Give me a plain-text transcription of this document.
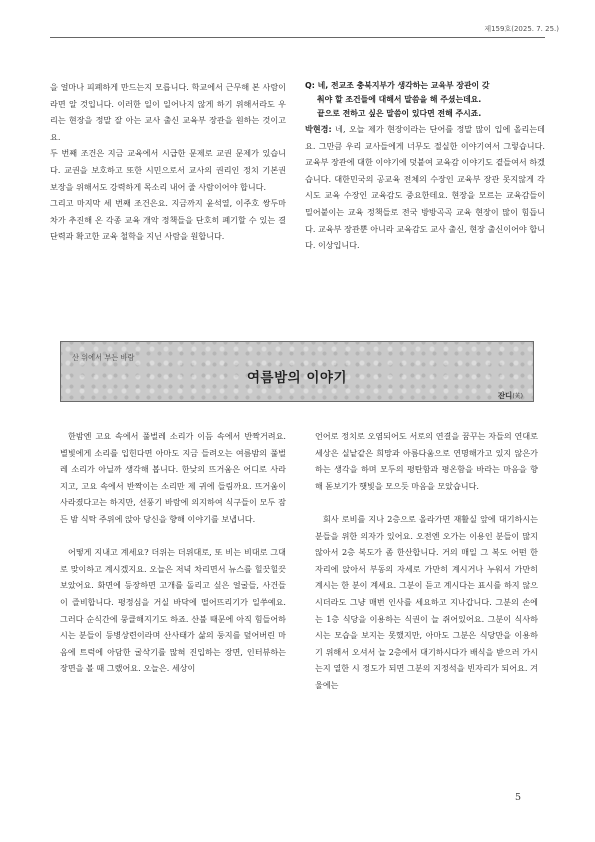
제159호(2025. 7. 25.)

을 얼마나 피폐하게 만드는지 모릅니다. 학교에서 근무해 본 사람이라면 알 것입니다. 이러한 일이 일어나지 않게 하기 위해서라도 우리는 현장을 정말 잘 아는 교사 출신 교육부 장관을 원하는 것이고요.

두 번째 조건은 지금 교육에서 시급한 문제로 교권 문제가 있습니다. 교권을 보호하고 또한 시민으로서 교사의 권리인 정치 기본권 보장을 위해서도 강력하게 목소리 내어 줄 사람이어야 합니다.

그리고 마지막 세 번째 조건은요. 지금까지 윤석열, 이주호 쌍두마차가 추진해 온 각종 교육 개악 정책들을 단호히 폐기할 수 있는 결단력과 확고한 교육 철학을 지닌 사람을 원합니다.

Q: 네, 전교조 충북지부가 생각하는 교육부 장관이 갖
춰야 할 조건들에 대해서 말씀을 해 주셨는데요.
끝으로 전하고 싶은 말씀이 있다면 전해 주시죠.

박현경: 네, 오늘 제가 현장이라는 단어를 정말 많이 입에 올리는데요. 그만큼 우리 교사들에게 너무도 절실한 이야기여서 그렇습니다. 교육부 장관에 대한 이야기에 덧붙여 교육감 이야기도 곁들여서 하겠습니다. 대한민국의 공교육 전체의 수장인 교육부 장관 못지않게 각 시도 교육 수장인 교육감도 중요한데요. 현장을 모르는 교육감들이 밀어붙이는 교육 정책들로 전국 방방곡곡 교육 현장이 많이 힘듭니다. 교육부 장관뿐 아니라 교육감도 교사 출신, 현장 출신이어야 합니다. 이상입니다.

산 위에서 부는 바람
여름밤의 이야기
잔디(芄)

한밤엔 고요 속에서 풀벌레 소리가 이듬 속에서 반짝거려요. 별빛에게 소리를 입힌다면 아마도 지금 들려오는 여름밤의 풀벌레 소리가 아닐까 생각해 봅니다. 한낮의 뜨거움은 어디로 사라지고, 고요 속에서 반짝이는 소리만 제 귀에 들림까요. 뜨거움이 사라졌다고는 하지만, 선풍기 바람에 의지하여 식구들이 모두 잠든 밤 식탁 주위에 앉아 당신을 향해 이야기를 보냅니다.

어떻게 지내고 계세요? 더위는 더위대로, 또 비는 비대로 그대로 맞이하고 계시겠지요. 오늘은 저녁 차리면서 뉴스를 힐끗힐끗 보았어요. 화면에 등장하면 고개를 돌리고 싶은 얼굴들, 사건들이 즐비합니다. 평정심을 거실 바닥에 떨어뜨리기가 일쑤예요. 그러다 순식간에 뭉클해지기도 하죠. 산불 때문에 아직 힘들어하시는 분들이 등병상련이라며 산사태가 삶의 둥지를 덮어버린 마음에 트럭에 아담한 굴삭기를 많혀 진입하는 장면, 인터뷰하는 장면을 볼 때 그랬어요. 오늘은. 세상이

언어로 정치로 오염되어도 서로의 연결을 꿈꾸는 자들의 연대로 세상은 실낱같은 희망과 아름다움으로 연명해가고 있지 않은가 하는 생각을 하며 모두의 평탄함과 평온함을 바라는 마음을 향해 돋보기가 햇빛을 모으듯 마음을 모았습니다.

회사 로비를 지나 2층으로 올라가면 재활실 앞에 대기하시는 분들을 위한 의자가 있어요. 오전엔 오가는 이용인 분들이 많지 않아서 2층 복도가 좀 한산합니다. 거의 매일 그 복도 어떤 한 자리에 앉아서 부동의 자세로 가만히 계시거나 누워서 가만히 계시는 한 분이 계세요. 그분이 듣고 계시다는 표시를 하지 않으시더라도 그냥 매번 인사를 세요하고 지나갑니다. 그분의 손에는 1층 식당을 이용하는 식권이 늘 쥐어있어요. 그분이 식사하시는 모습을 보지는 못했지만, 아마도 그분은 식당만을 이용하기 위해서 오셔서 늘 2층에서 대기하시다가 배식을 받으러 가시는지 열한 시 정도가 되면 그분의 지정석을 빈자리가 되어요. 겨울에는

5
